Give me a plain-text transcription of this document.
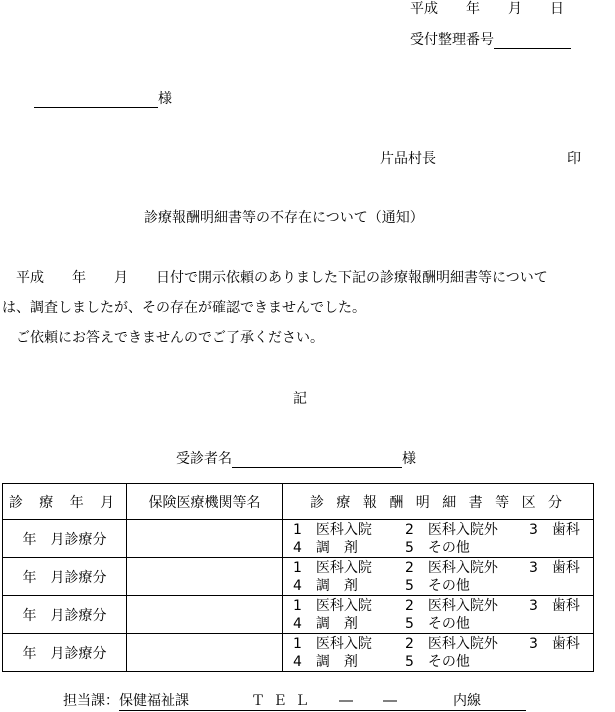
平成　　年　　月　　日
受付整理番号
様
片品村長	印
診療報酬明細書等の不存在について（通知）
平成　　年　　月　　日付で開示依頼のありました下記の診療報酬明細書等について
は、調査しましたが、その存在が確認できませんでした。
ご依頼にお答えできませんのでご了承ください。
記
受診者名	様
診 療 年 月	保険医療機関等名	診 療 報 酬 明 細 書 等 区 分
年　月診療分		1　医科入院 2　医科入院外 3　歯科
4　調　剤 5　その他

年　月診療分		1　医科入院 2　医科入院外 3　歯科
4　調　剤 5　その他

年　月診療分		1　医科入院 2　医科入院外 3　歯科
4　調　剤 5　その他

年　月診療分		1　医科入院 2　医科入院外 3　歯科
4　調　剤 5　その他
担当課：保健福祉課	ＴＥＬ ― ―	内線
